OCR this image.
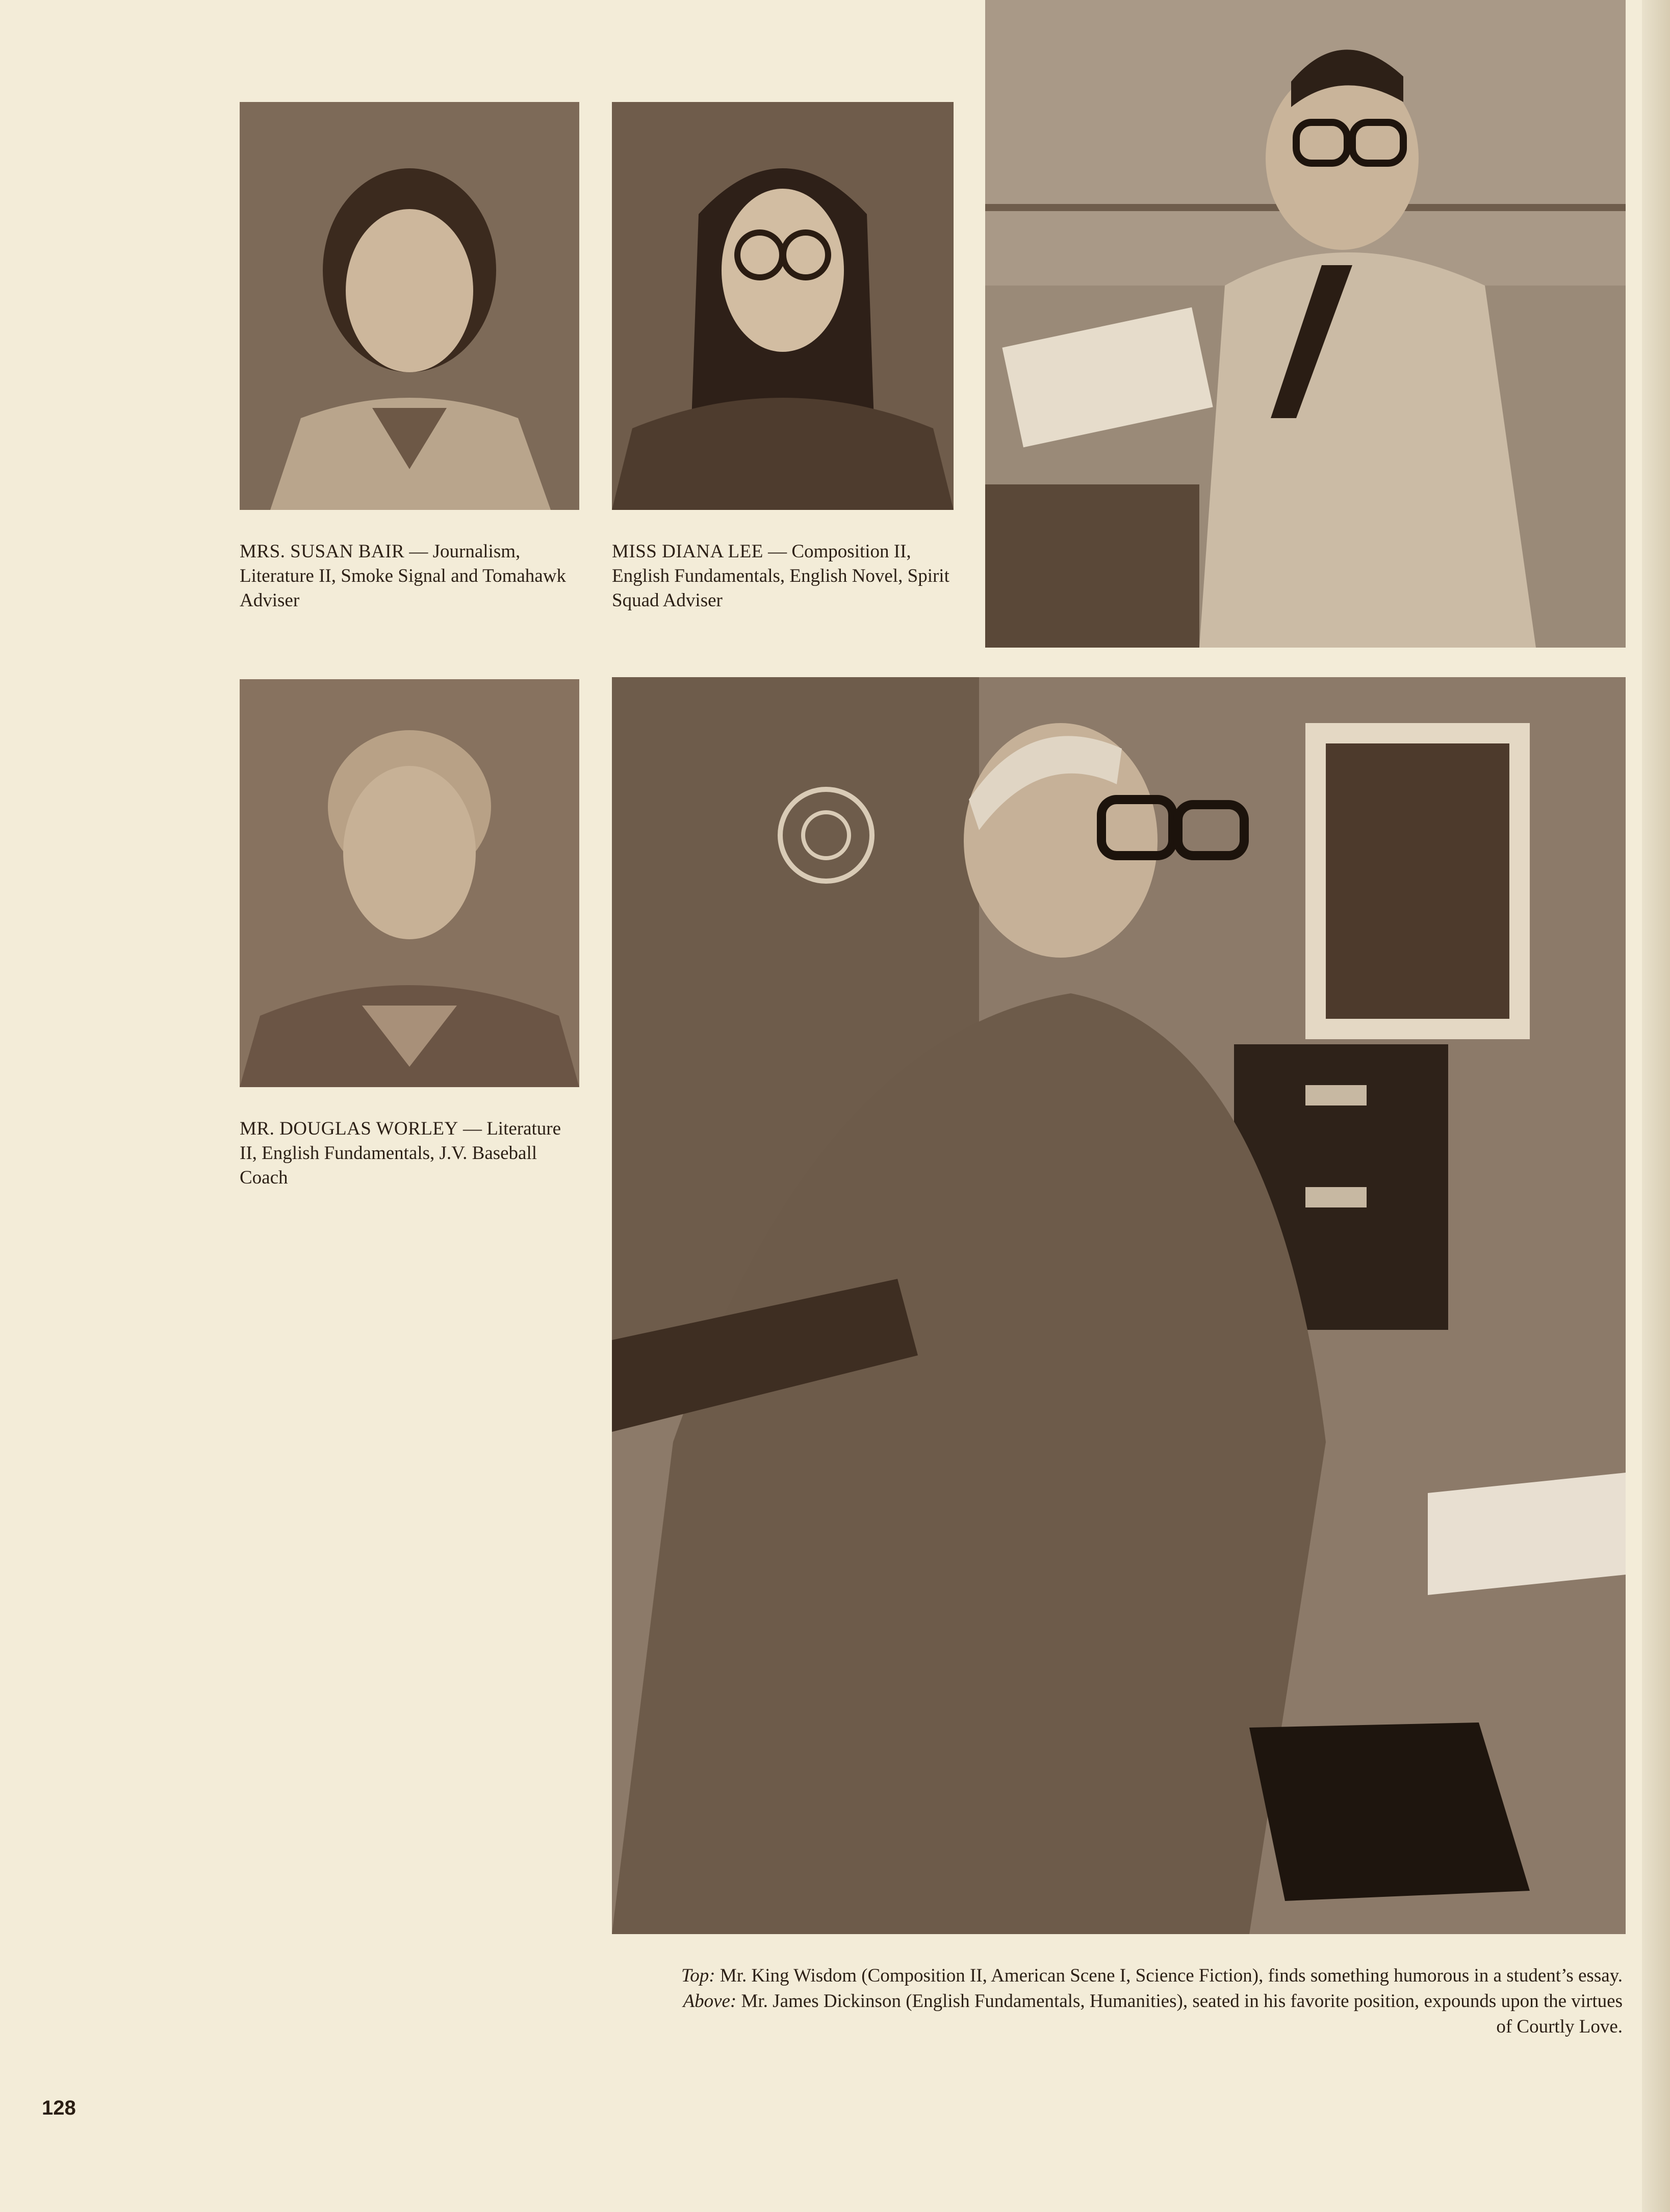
MRS. SUSAN BAIR — Journalism, Literature II, Smoke Signal and Tomahawk Adviser
MISS DIANA LEE — Composition II, English Fundamentals, English Novel, Spirit Squad Adviser
MR. DOUGLAS WORLEY — Literature II, English Fundamentals, J.V. Baseball Coach
Top: Mr. King Wisdom (Composition II, American Scene I, Science Fiction), finds something humorous in a student’s essay. Above: Mr. James Dickinson (English Fundamentals, Humanities), seated in his favorite position, expounds upon the virtues of Courtly Love.
128
